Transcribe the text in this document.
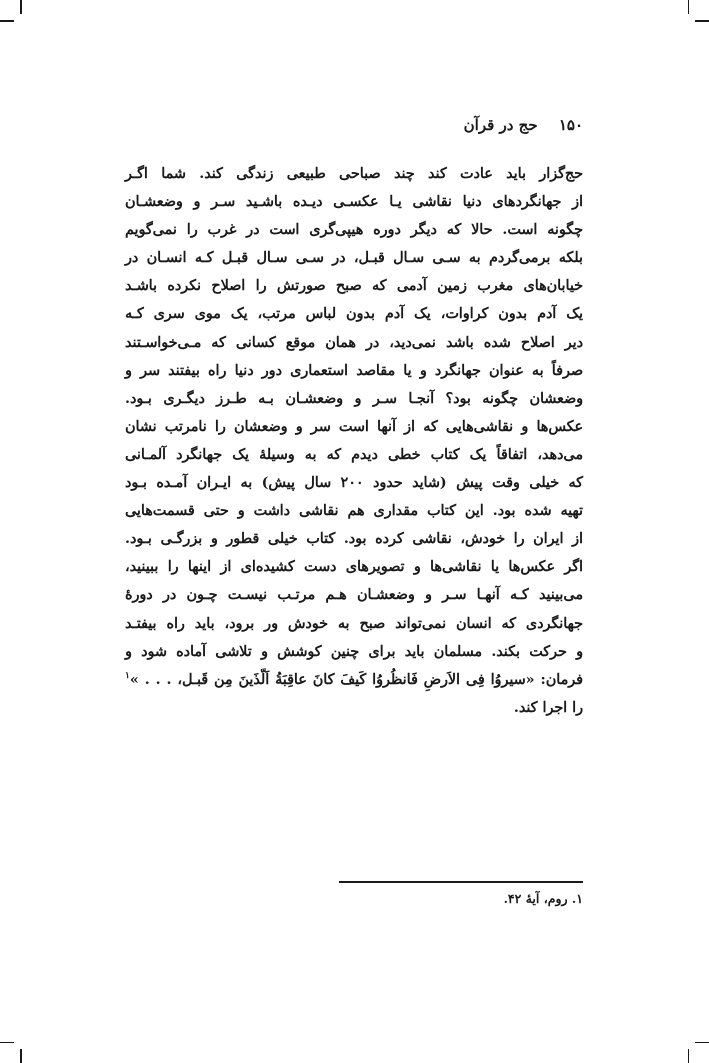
۱۵۰ حج در قرآن
حج‌گزار باید عادت کند چند صباحی طبیعی زندگی کند. شما اگـر
از جهانگردهای دنیا نقاشی یـا عکسـی دیـده باشـید سـر و وضعشـان
چگونه است. حالا که دیگر دوره هیپی‌گری است در غرب را نمی‌گویم
بلکه برمی‌گردم به سـی سـال قبـل، در سـی سـال قبـل کـه انسـان در
خیابان‌های مغرب زمین آدمی که صبح صورتش را اصلاح نکرده باشـد
یک آدم بدون کراوات، یک آدم بدون لباس مرتب، یک موی سری کـه
دیر اصلاح شده باشد نمی‌دید، در همان موقع کسانی که مـی‌خواسـتند
صرفاً به عنوان جهانگرد و یا مقاصد استعماری دور دنیا راه بیفتند سر و
وضعشان چگونه بود؟ آنجـا سـر و وضعشـان بـه طـرز دیگـری بـود.
عکس‌ها و نقاشی‌هایی که از آنها است سر و وضعشان را نامرتب نشان
می‌دهد، اتفاقاً یک کتاب خطی دیدم که به وسیلهٔ یک جهانگرد آلمـانی
که خیلی وقت پیش (شاید حدود ۲۰۰ سال پیش) به ایـران آمـده بـود
تهیه شده بود. این کتاب مقداری هم نقاشی داشت و حتی قسمت‌هایی
از ایران را خودش، نقاشی کرده بود. کتاب خیلی قطور و بزرگـی بـود.
اگر عکس‌ها یا نقاشی‌ها و تصویرهای دست کشیده‌ای از اینها را ببینید،
می‌بینید کـه آنهـا سـر و وضعشـان هـم مرتـب نیسـت چـون در دورهٔ
جهانگردی که انسان نمی‌تواند صبح به خودش ور برود، باید راه بیفتـد
و حرکت بکند. مسلمان باید برای چنین کوشش و تلاشی آماده شود و
فرمان: «سیروُا فِی الاَرضِ فَانظُروُا کَیفَ کانَ عاقِبَةُ اَلّذَینَ مِن قَبـل، . . . »$^۱$
را اجرا کند.
۱. روم، آیهٔ ۴۲.
